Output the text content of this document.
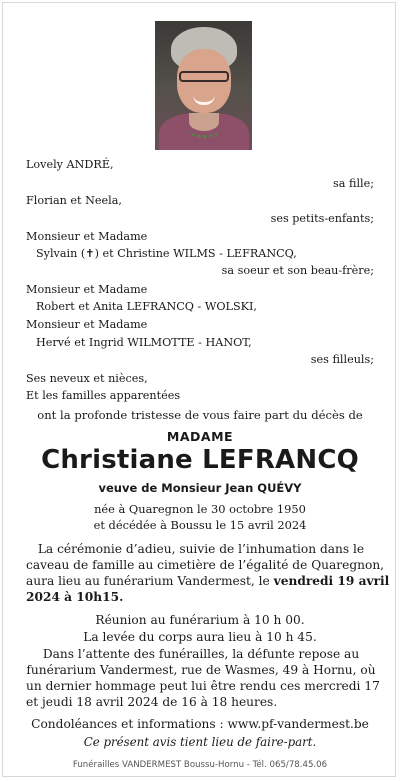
Lovely ANDRÉ,
sa fille;
Florian et Neela,
ses petits-enfants;
Monsieur et Madame
Sylvain (✝) et Christine WILMS - LEFRANCQ,
sa soeur et son beau-frère;
Monsieur et Madame
Robert et Anita LEFRANCQ - WOLSKI,
Monsieur et Madame
Hervé et Ingrid WILMOTTE - HANOT,
ses filleuls;
Ses neveux et nièces,
Et les familles apparentées
ont la profonde tristesse de vous faire part du décès de
MADAME
Christiane LEFRANCQ
veuve de Monsieur Jean QUÉVY
née à Quaregnon le 30 octobre 1950
et décédée à Boussu le 15 avril 2024
La cérémonie d’adieu, suivie de l’inhumation dans le
caveau de famille au cimetière de l’égalité de Quaregnon,
aura lieu au funérarium Vandermest, le vendredi 19 avril
2024 à 10h15.
Réunion au funérarium à 10 h 00.
La levée du corps aura lieu à 10 h 45.
Dans l’attente des funérailles, la défunte repose au
funérarium Vandermest, rue de Wasmes, 49 à Hornu, où
un dernier hommage peut lui être rendu ces mercredi 17
et jeudi 18 avril 2024 de 16 à 18 heures.
Condoléances et informations : www.pf-vandermest.be
Ce présent avis tient lieu de faire-part.
Funérailles VANDERMEST Boussu-Hornu - Tél. 065/78.45.06
